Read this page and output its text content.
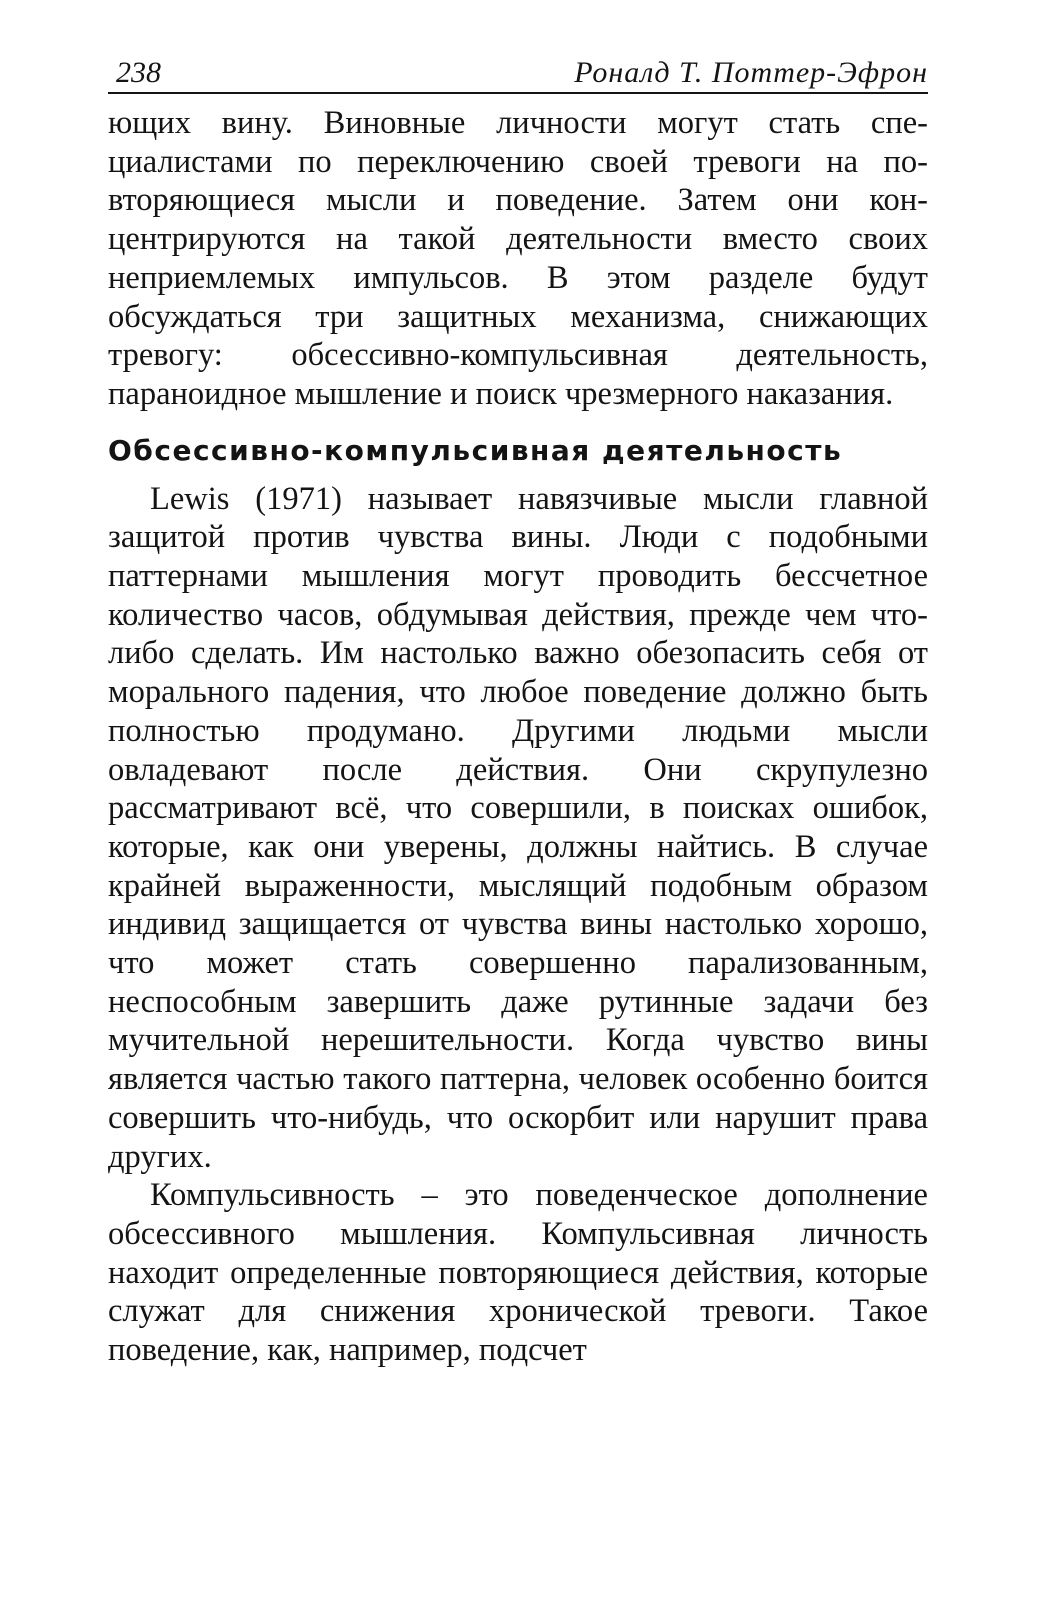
238	Роналд Т. Поттер-Эфрон

ющих вину. Виновные личности могут стать специалистами по переключению своей тревоги на повторяющиеся мысли и поведение. Затем они концентрируются на такой деятельности вместо своих неприемлемых импульсов. В этом разделе будут обсуждаться три защитных механизма, снижающих тревогу: обсессивно-компульсивная деятельность, параноидное мышление и поиск чрезмерного наказания.

Обсессивно-компульсивная деятельность

Lewis (1971) называет навязчивые мысли главной защитой против чувства вины. Люди с подобными паттернами мышления могут проводить бессчетное количество часов, обдумывая действия, прежде чем что-либо сделать. Им настолько важно обезопасить себя от морального падения, что любое поведение должно быть полностью продумано. Другими людьми мысли овладевают после действия. Они скрупулезно рассматривают всё, что совершили, в поисках ошибок, которые, как они уверены, должны найтись. В случае крайней выраженности, мыслящий подобным образом индивид защищается от чувства вины настолько хорошо, что может стать совершенно парализованным, неспособным завершить даже рутинные задачи без мучительной нерешительности. Когда чувство вины является частью такого паттерна, человек особенно боится совершить что-нибудь, что оскорбит или нарушит права других.

Компульсивность – это поведенческое дополнение обсессивного мышления. Компульсивная личность находит определенные повторяющиеся действия, которые служат для снижения хронической тревоги. Такое поведение, как, например, подсчет
